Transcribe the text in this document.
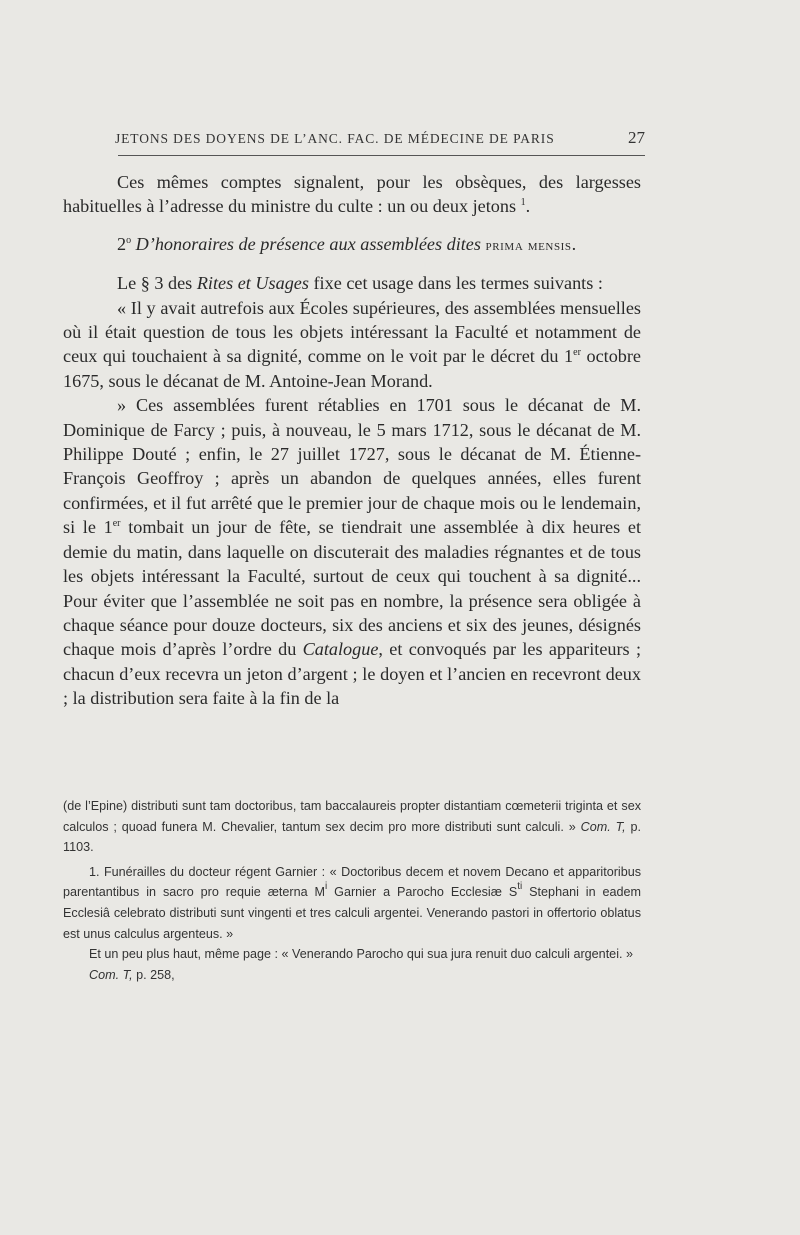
JETONS DES DOYENS DE L’ANC. FAC. DE MÉDECINE DE PARIS	27

Ces mêmes comptes signalent, pour les obsèques, des largesses habituelles à l’adresse du ministre du culte : un ou deux jetons $^1$.

2$^o$ D’honoraires de présence aux assemblées dites prima mensis.

Le § 3 des Rites et Usages fixe cet usage dans les termes suivants :

« Il y avait autrefois aux Écoles supérieures, des assemblées mensuelles où il était question de tous les objets intéressant la Faculté et notamment de ceux qui touchaient à sa dignité, comme on le voit par le décret du 1er octobre 1675, sous le décanat de M. Antoine-Jean Morand.

» Ces assemblées furent rétablies en 1701 sous le décanat de M. Dominique de Farcy ; puis, à nouveau, le 5 mars 1712, sous le décanat de M. Philippe Douté ; enfin, le 27 juillet 1727, sous le décanat de M. Étienne-François Geoffroy ; après un abandon de quelques années, elles furent confirmées, et il fut arrêté que le premier jour de chaque mois ou le lendemain, si le 1er tombait un jour de fête, se tiendrait une assemblée à dix heures et demie du matin, dans laquelle on discuterait des maladies régnantes et de tous les objets intéressant la Faculté, surtout de ceux qui touchent à sa dignité... Pour éviter que l’assemblée ne soit pas en nombre, la présence sera obligée à chaque séance pour douze docteurs, six des anciens et six des jeunes, désignés chaque mois d’après l’ordre du Catalogue, et convoqués par les appariteurs ; chacun d’eux recevra un jeton d’argent ; le doyen et l’ancien en recevront deux ; la distribution sera faite à la fin de la

(de l’Epine) distributi sunt tam doctoribus, tam baccalaureis propter distantiam cœmeterii triginta et sex calculos ; quoad funera M. Chevalier, tantum sex decim pro more distributi sunt calculi. » Com. T, p. 1103.

1. Funérailles du docteur régent Garnier : « Doctoribus decem et novem Decano et apparitoribus parentantibus in sacro pro requie æterna $M^i$ Garnier a Parocho Ecclesiæ $S^{ti}$ Stephani in eadem Ecclesiâ celebrato distributi sunt vingenti et tres calculi argentei. Venerando pastori in offertorio oblatus est unus calculus argenteus. »

Et un peu plus haut, même page : « Venerando Parocho qui sua jura renuit duo calculi argentei. »

Com. T, p. 258,
